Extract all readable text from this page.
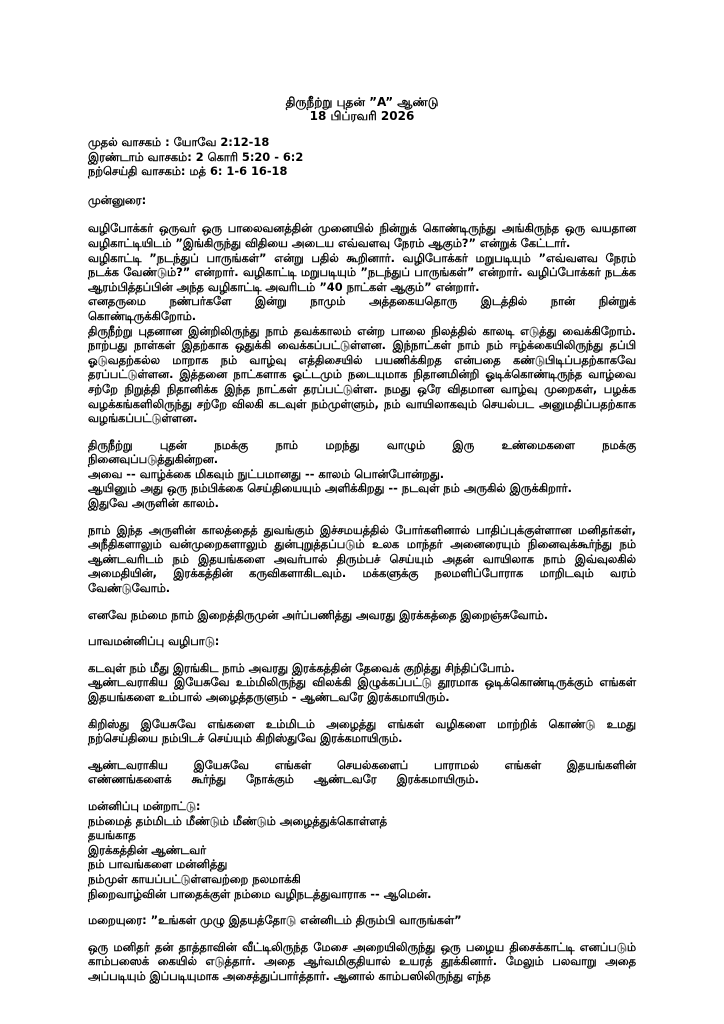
திருநீற்று புதன் ”A” ஆண்டு
18 பிப்ரவரி 2026
முதல் வாசகம் : யோவே 2:12-18
இரண்டாம் வாசகம்: 2 கொரி 5:20 - 6:2
நற்செய்தி வாசகம்: மத் 6: 1-6 16-18

முன்னுரை:

வழிபோக்கர் ஒருவர் ஒரு பாலைவனத்தின் முனையில் நின்றுக் கொண்டிருந்து அங்கிருந்த ஒரு வயதான வழிகாட்டியிடம் ”இங்கிருந்து விதியை அடைய எவ்வளவு நேரம் ஆகும்?” என்றுக் கேட்டார்.

வழிகாட்டி ”நடந்துப் பாருங்கள்” என்று பதில் கூறினார். வழிபோக்கர் மறுபடியும் ”எவ்வளவ நேரம் நடக்க வேண்டும்?” என்றார். வழிகாட்டி மறுபடியும் ”நடந்துப் பாருங்கள்” என்றார். வழிப்போக்கர் நடக்க ஆரம்பித்தப்பின் அந்த வழிகாட்டி அவரிடம் ”40 நாட்கள் ஆகும்” என்றார்.

எனதருமை நண்பர்களே இன்று நாமும் அத்தகையதொரு இடத்தில் நான் நின்றுக் கொண்டிருக்கிறோம்.

திருநீற்று புதனான இன்றிலிருந்து நாம் தவக்காலம் என்ற பாலை நிலத்தில் காலடி எடுத்து வைக்கிறோம். நாற்பது நாள்கள் இதற்காக ஒதுக்கி வைக்கப்பட்டுள்ளன. இந்நாட்கள் நாம் நம் ஈழ்க்கையிலிருந்து தப்பி ஓடுவதற்கல்ல மாறாக நம் வாழ்வு எத்திசையில் பயணிக்கிறத என்பதை கண்டுபிடிப்பதற்காகவே தரப்பட்டுள்ளன. இத்தனை நாட்களாக ஓட்டமும் நடையுமாக நிதானமின்றி ஓடிக்கொண்டிருந்த வாழ்வை சற்றே நிறுத்தி நிதானிக்க இந்த நாட்கள் தரப்பட்டுள்ள. நமது ஒரே விதமான வாழ்வு முறைகள், பழக்க வழக்கங்களிலிருந்து சற்றே விலகி கடவுள் நம்முள்ளும், நம் வாயிலாகவும் செயல்பட அனுமதிப்பதற்காக வழங்கப்பட்டுள்ளன.

திருநீற்று புதன் நமக்கு நாம் மறந்து வாழும் இரு உண்மைகளை நமக்கு நினைவுப்படுத்துகின்றன.

அவை -- வாழ்க்கை மிகவும் நுட்பமானது -- காலம் பொன்போன்றது.

ஆயினும் அது ஒரு நம்பிக்கை செய்தியையும் அளிக்கிறது -- நடவுள் நம் அருகில் இருக்கிறார்.

இதுவே அருளின் காலம்.

நாம் இந்த அருளின் காலத்தைத் துவங்கும் இச்சமயத்தில் போர்களினால் பாதிப்புக்குள்ளான மனிதர்கள், அநீதிகளாலும் வன்முறைகளாலும் துன்புறுத்தப்படும் உலக மாந்தர் அனைரையும் நினைவுக்கூர்ந்து நம் ஆண்டவரிடம் நம் இதயங்களை அவர்பால் திரும்பச் செய்யும் அதன் வாயிலாக நாம் இவ்வுலகில் அமைதியின், இரக்கத்தின் கருவிகளாகிடவும். மக்களுக்கு நலமளிப்போராக மாறிடவும் வரம் வேண்டுவோம்.

எனவே நம்மை நாம் இறைத்திருமுன் அர்ப்பணித்து அவரது இரக்கத்தை இறைஞ்சுவோம்.

பாவமன்னிப்பு வழிபாடு:

கடவுள் நம் மீது இரங்கிட நாம் அவரது இரக்கத்தின் தேவைக் குறித்து சிந்திப்போம்.

ஆண்டவராகிய இயேசுவே உம்மிலிருந்து விலக்கி இழுக்கப்பட்டு தூரமாக ஒடிக்கொண்டிருக்கும் எங்கள் இதயங்களை உம்பால் அழைத்தருளும் - ஆண்டவரே இரக்கமாயிரும்.

கிறிஸ்து இயேசுவே எங்களை உம்மிடம் அழைத்து எங்கள் வழிகளை மாற்றிக் கொண்டு உமது நற்செய்தியை நம்பிடச் செய்யும் கிறிஸ்துவே இரக்கமாயிரும்.

ஆண்டவராகிய இயேசுவே எங்கள் செயல்களைப் பாராமல் எங்கள் இதயங்களின் எண்ணங்களைக் கூர்ந்து நோக்கும் ஆண்டவரே இரக்கமாயிரும்.

மன்னிப்பு மன்றாட்டு:

நம்மைத் தம்மிடம் மீண்டும் மீண்டும் அழைத்துக்கொள்ளத்

தயங்காத

இரக்கத்தின் ஆண்டவர்

நம் பாவங்களை மன்னித்து

நம்முள் காயப்பட்டுள்ளவற்றை நலமாக்கி

நிறைவாழ்வின் பாதைக்குள் நம்மை வழிநடத்துவாராக -- ஆமென்.

மறையுரை: ”உங்கள் முழு இதயத்தோடு என்னிடம் திரும்பி வாருங்கள்”

ஒரு மனிதர் தன் தாத்தாவின் வீட்டிலிருந்த மேசை அறையிலிருந்து ஒரு பழைய திசைக்காட்டி எனப்படும் காம்பஸைக் கையில் எடுத்தார். அதை ஆர்வமிகுதியால் உயரத் தூக்கினார். மேலும் பலவாறு அதை அப்படியும் இப்படியுமாக அசைத்துப்பார்த்தார். ஆனால் காம்பஸிலிருந்து எந்த
